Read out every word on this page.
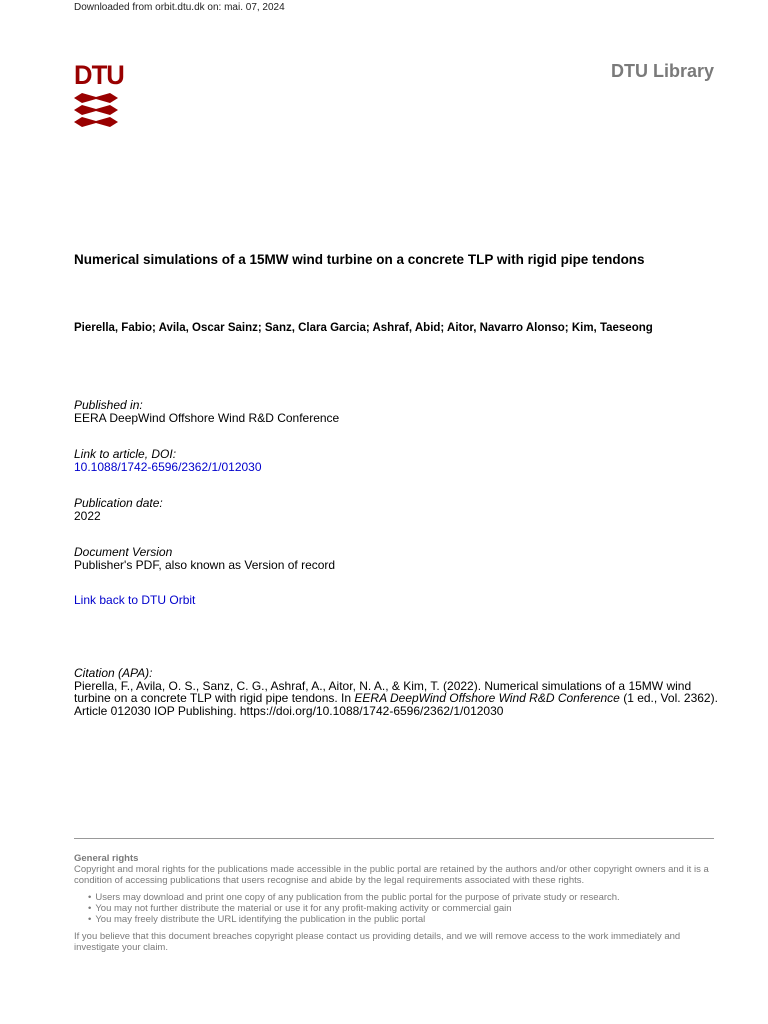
Downloaded from orbit.dtu.dk on: mai. 07, 2024
DTU	DTU Library
Numerical simulations of a 15MW wind turbine on a concrete TLP with rigid pipe tendons
Pierella, Fabio; Avila, Oscar Sainz; Sanz, Clara Garcia; Ashraf, Abid; Aitor, Navarro Alonso; Kim, Taeseong
Published in:
EERA DeepWind Offshore Wind R&D Conference
Link to article, DOI:
10.1088/1742-6596/2362/1/012030
Publication date:
2022
Document Version
Publisher's PDF, also known as Version of record
Link back to DTU Orbit
Citation (APA):
Pierella, F., Avila, O. S., Sanz, C. G., Ashraf, A., Aitor, N. A., & Kim, T. (2022). Numerical simulations of a 15MW wind turbine on a concrete TLP with rigid pipe tendons. In EERA DeepWind Offshore Wind R&D Conference (1 ed., Vol. 2362). Article 012030 IOP Publishing. https://doi.org/10.1088/1742-6596/2362/1/012030
General rights

Copyright and moral rights for the publications made accessible in the public portal are retained by the authors and/or other copyright owners and it is a condition of accessing publications that users recognise and abide by the legal requirements associated with these rights.

• Users may download and print one copy of any publication from the public portal for the purpose of private study or research.
• You may not further distribute the material or use it for any profit-making activity or commercial gain
• You may freely distribute the URL identifying the publication in the public portal

If you believe that this document breaches copyright please contact us providing details, and we will remove access to the work immediately and investigate your claim.
